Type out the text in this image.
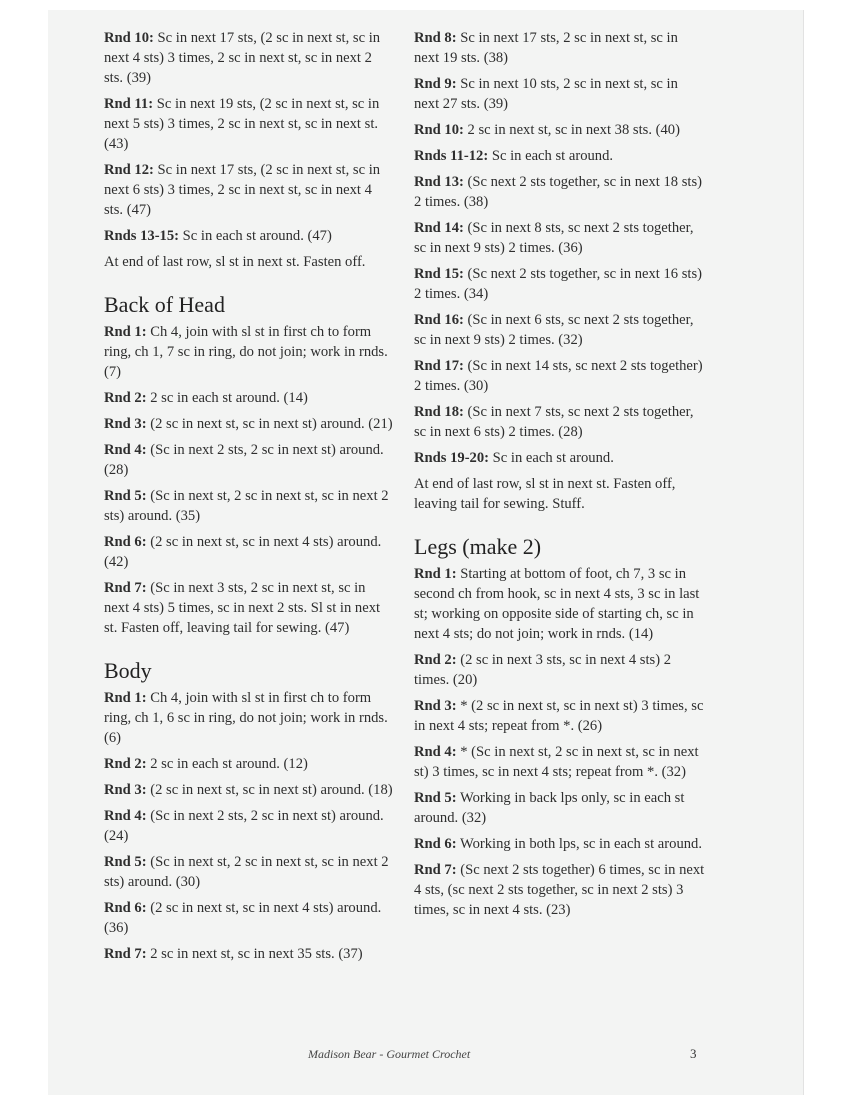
Rnd 10: Sc in next 17 sts, (2 sc in next st, sc in next 4 sts) 3 times, 2 sc in next st, sc in next 2 sts. (39)

Rnd 11: Sc in next 19 sts, (2 sc in next st, sc in next 5 sts) 3 times, 2 sc in next st, sc in next st. (43)

Rnd 12: Sc in next 17 sts, (2 sc in next st, sc in next 6 sts) 3 times, 2 sc in next st, sc in next 4 sts. (47)

Rnds 13-15: Sc in each st around. (47)

At end of last row, sl st in next st. Fasten off.

Back of Head

Rnd 1: Ch 4, join with sl st in first ch to form ring, ch 1, 7 sc in ring, do not join; work in rnds. (7)

Rnd 2: 2 sc in each st around. (14)

Rnd 3: (2 sc in next st, sc in next st) around. (21)

Rnd 4: (Sc in next 2 sts, 2 sc in next st) around. (28)

Rnd 5: (Sc in next st, 2 sc in next st, sc in next 2 sts) around. (35)

Rnd 6: (2 sc in next st, sc in next 4 sts) around. (42)

Rnd 7: (Sc in next 3 sts, 2 sc in next st, sc in next 4 sts) 5 times, sc in next 2 sts. Sl st in next st. Fasten off, leaving tail for sewing. (47)

Body

Rnd 1: Ch 4, join with sl st in first ch to form ring, ch 1, 6 sc in ring, do not join; work in rnds. (6)

Rnd 2: 2 sc in each st around. (12)

Rnd 3: (2 sc in next st, sc in next st) around. (18)

Rnd 4: (Sc in next 2 sts, 2 sc in next st) around. (24)

Rnd 5: (Sc in next st, 2 sc in next st, sc in next 2 sts) around. (30)

Rnd 6: (2 sc in next st, sc in next 4 sts) around. (36)

Rnd 7: 2 sc in next st, sc in next 35 sts. (37)

Rnd 8: Sc in next 17 sts, 2 sc in next st, sc in next 19 sts. (38)

Rnd 9: Sc in next 10 sts, 2 sc in next st, sc in next 27 sts. (39)

Rnd 10: 2 sc in next st, sc in next 38 sts. (40)

Rnds 11-12: Sc in each st around.

Rnd 13: (Sc next 2 sts together, sc in next 18 sts) 2 times. (38)

Rnd 14: (Sc in next 8 sts, sc next 2 sts together, sc in next 9 sts) 2 times. (36)

Rnd 15: (Sc next 2 sts together, sc in next 16 sts) 2 times. (34)

Rnd 16: (Sc in next 6 sts, sc next 2 sts together, sc in next 9 sts) 2 times. (32)

Rnd 17: (Sc in next 14 sts, sc next 2 sts together) 2 times. (30)

Rnd 18: (Sc in next 7 sts, sc next 2 sts together, sc in next 6 sts) 2 times. (28)

Rnds 19-20: Sc in each st around.

At end of last row, sl st in next st. Fasten off, leaving tail for sewing. Stuff.

Legs (make 2)

Rnd 1: Starting at bottom of foot, ch 7, 3 sc in second ch from hook, sc in next 4 sts, 3 sc in last st; working on opposite side of starting ch, sc in next 4 sts; do not join; work in rnds. (14)

Rnd 2: (2 sc in next 3 sts, sc in next 4 sts) 2 times. (20)

Rnd 3: * (2 sc in next st, sc in next st) 3 times, sc in next 4 sts; repeat from *. (26)

Rnd 4: * (Sc in next st, 2 sc in next st, sc in next st) 3 times, sc in next 4 sts; repeat from *. (32)

Rnd 5: Working in back lps only, sc in each st around. (32)

Rnd 6: Working in both lps, sc in each st around.

Rnd 7: (Sc next 2 sts together) 6 times, sc in next 4 sts, (sc next 2 sts together, sc in next 2 sts) 3 times, sc in next 4 sts. (23)

Madison Bear - Gourmet Crochet	3
